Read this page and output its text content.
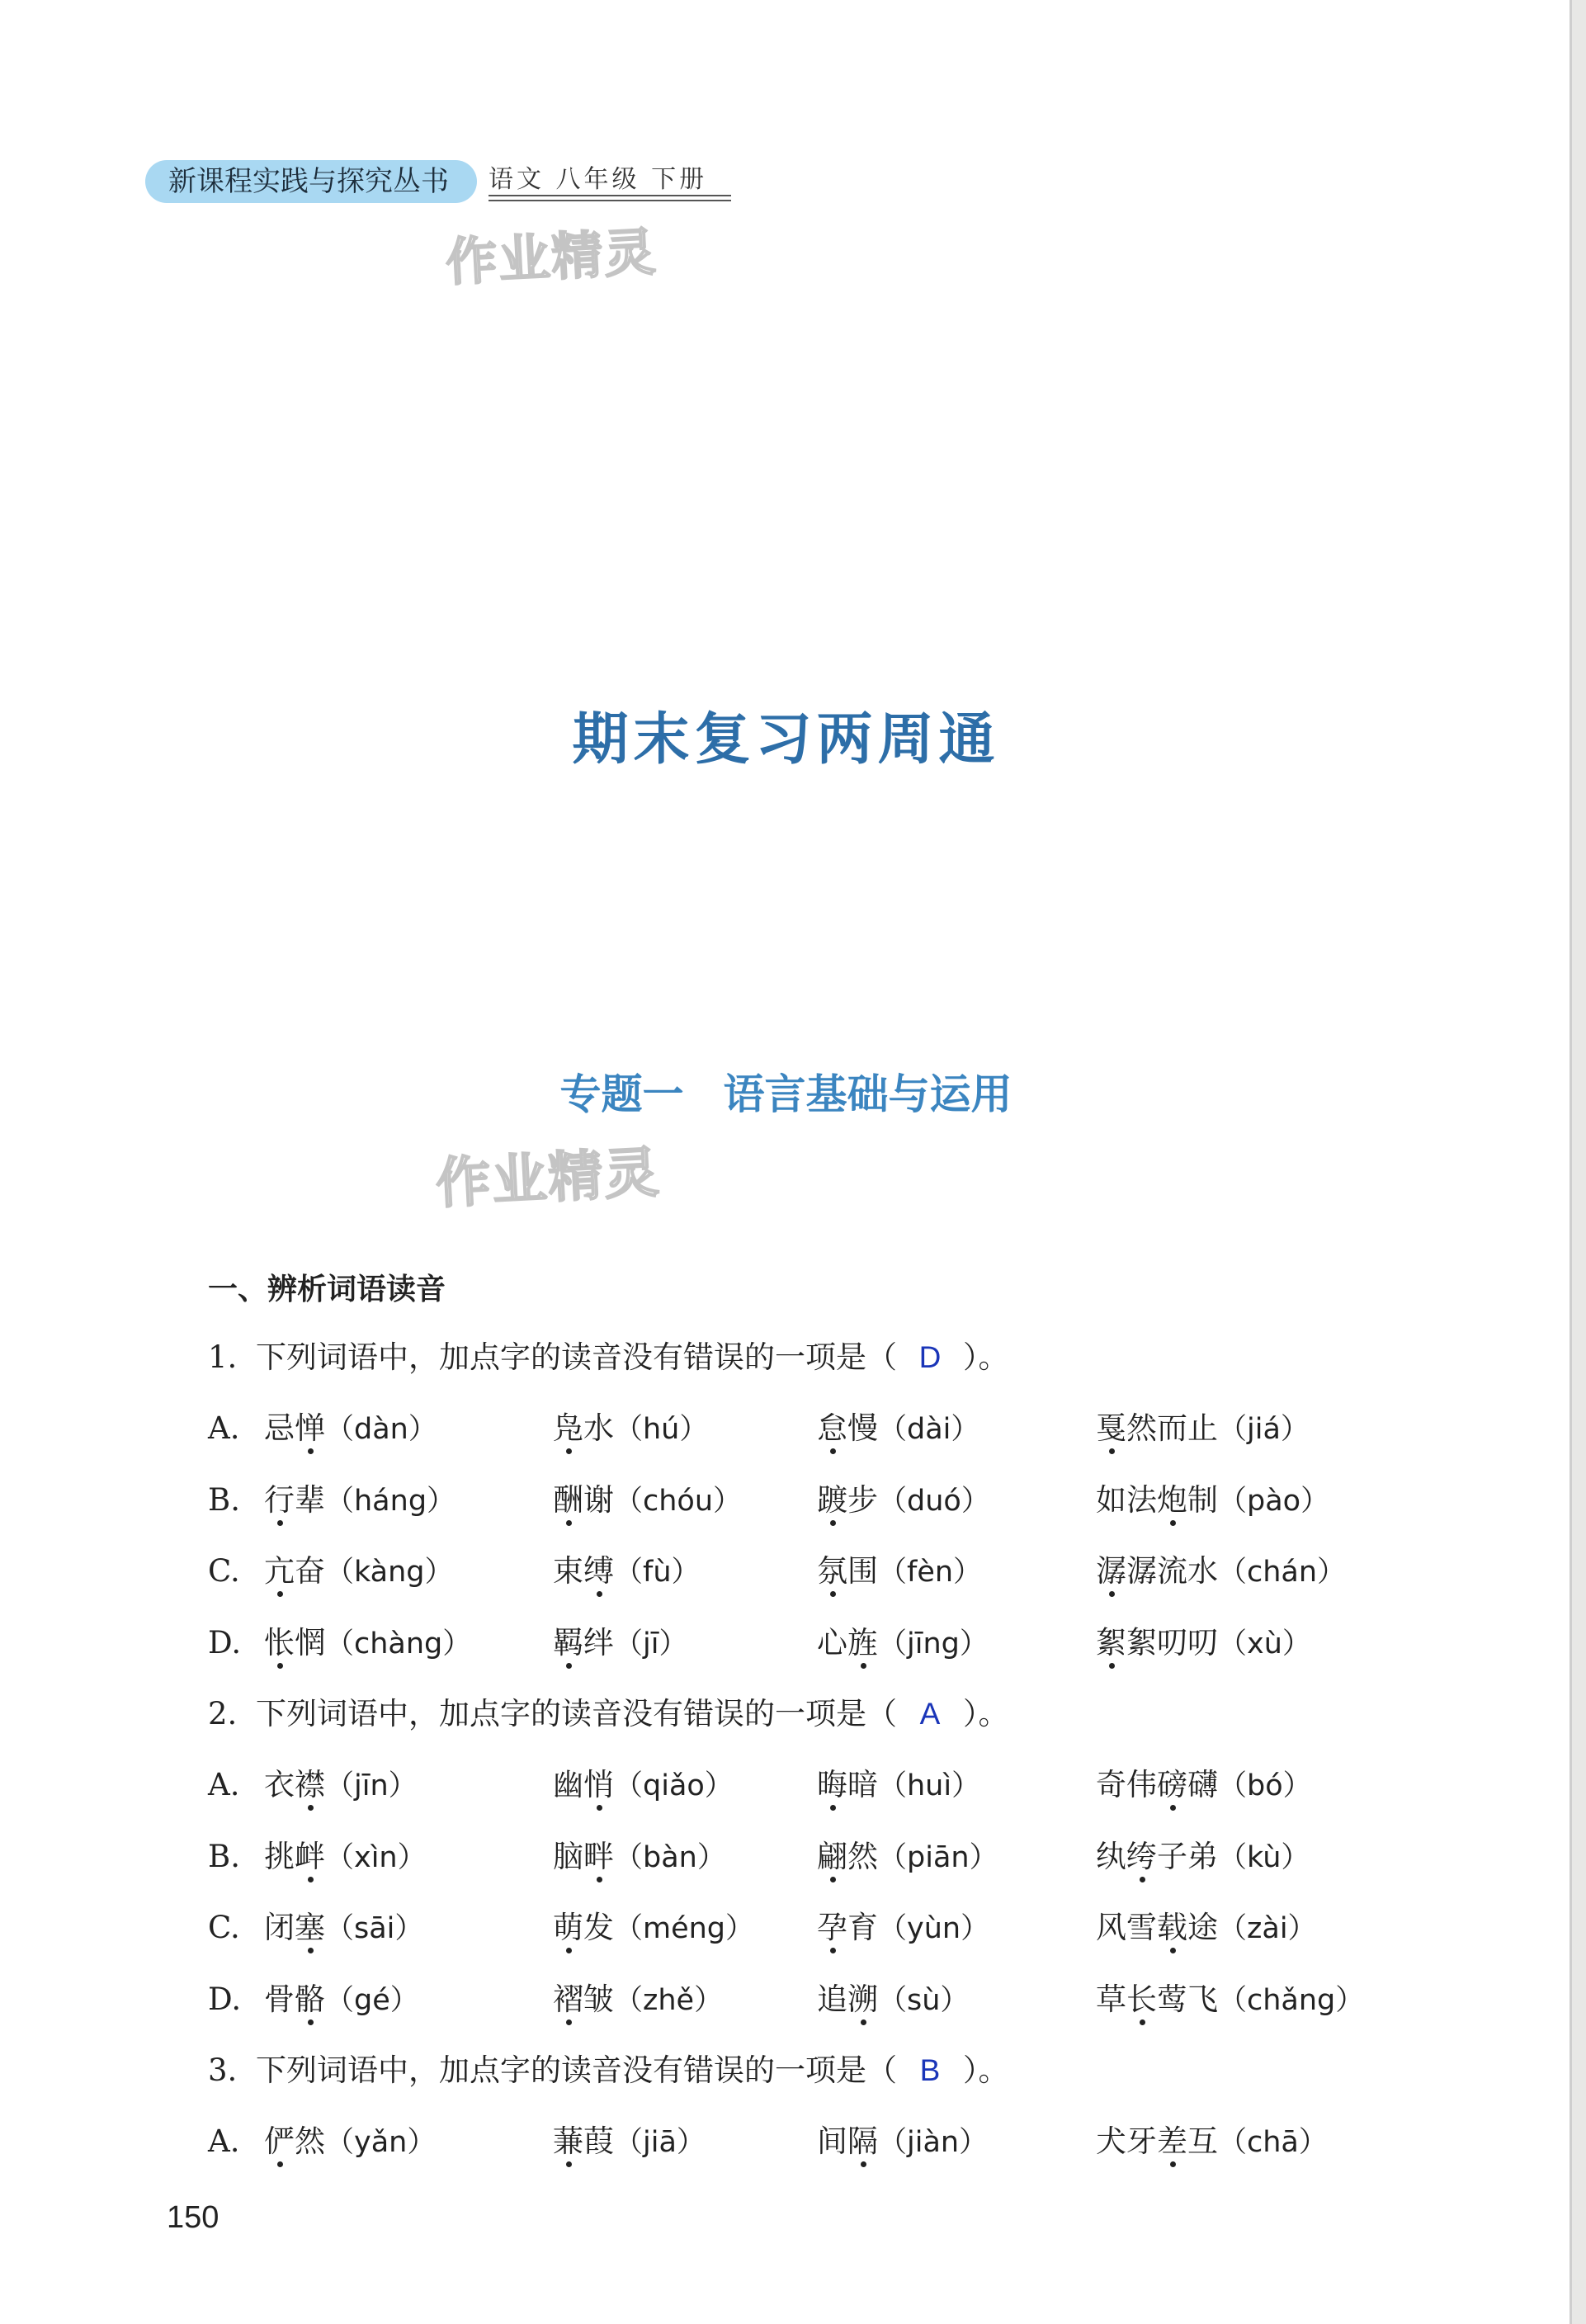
新课程实践与探究丛书	语文 八年级 下册
作业精灵
期末复习两周通
专题一 语言基础与运用
作业精灵
一、辨析词语读音
1. 下列词语中，加点字的读音没有错误的一项是（ D ）。
A. 忌惮（dàn）	凫水（hú）	怠慢（dài）	戛然而止（jiá）
B. 行辈（háng）	酬谢（chóu） 踱步（duó）	如法炮制（pào）
C. 亢奋（kàng）	束缚（fù）	氛围（fèn）	潺潺流水（chán）
D. 怅惘（chàng）	羁绊（jī）	心旌（jīng）	絮絮叨叨（xù）
2. 下列词语中，加点字的读音没有错误的一项是（ A ）。
A. 衣襟（jīn）	幽悄（qiǎo）	晦暗（huì）	奇伟磅礴（bó）
B. 挑衅（xìn）	脑畔（bàn）	翩然（piān）	纨绔子弟（kù）
C. 闭塞（sāi）	萌发（méng） 孕育（yùn）	风雪载途（zài）
D. 骨骼（gé）	褶皱（zhě）	追溯（sù）	草长莺飞（chǎng）
3. 下列词语中，加点字的读音没有错误的一项是（ B ）。
A. 俨然（yǎn）	蒹葭（jiā）	间隔（jiàn）	犬牙差互（chā）
150
